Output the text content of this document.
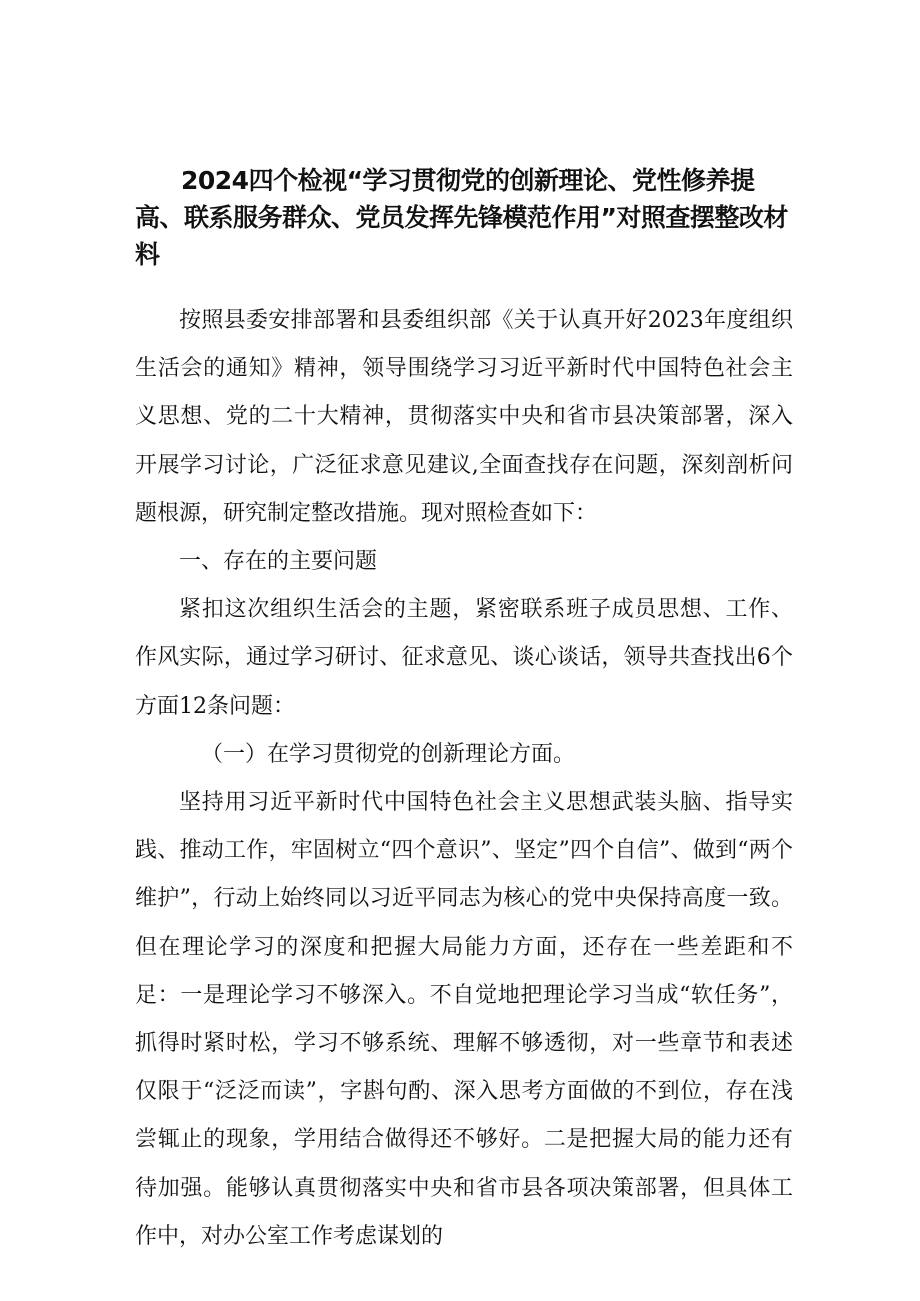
2024四个检视“学习贯彻党的创新理论、党性修养提高、联系服务群众、党员发挥先锋模范作用”对照查摆整改材料

按照县委安排部署和县委组织部《关于认真开好2023年度组织生活会的通知》精神，领导围绕学习习近平新时代中国特色社会主义思想、党的二十大精神，贯彻落实中央和省市县决策部署，深入开展学习讨论，广泛征求意见建议,全面查找存在问题，深刻剖析问题根源，研究制定整改措施。现对照检查如下：

一、存在的主要问题

紧扣这次组织生活会的主题，紧密联系班子成员思想、工作、作风实际，通过学习研讨、征求意见、谈心谈话，领导共查找出6个方面12条问题：

（一）在学习贯彻党的创新理论方面。

坚持用习近平新时代中国特色社会主义思想武装头脑、指导实践、推动工作，牢固树立“四个意识”、坚定”四个自信”、做到“两个维护”，行动上始终同以习近平同志为核心的党中央保持高度一致。但在理论学习的深度和把握大局能力方面，还存在一些差距和不足：一是理论学习不够深入。不自觉地把理论学习当成“软任务”，抓得时紧时松，学习不够系统、理解不够透彻，对一些章节和表述仅限于“泛泛而读”，字斟句酌、深入思考方面做的不到位，存在浅尝辄止的现象，学用结合做得还不够好。二是把握大局的能力还有待加强。能够认真贯彻落实中央和省市县各项决策部署，但具体工作中，对办公室工作考虑谋划的
